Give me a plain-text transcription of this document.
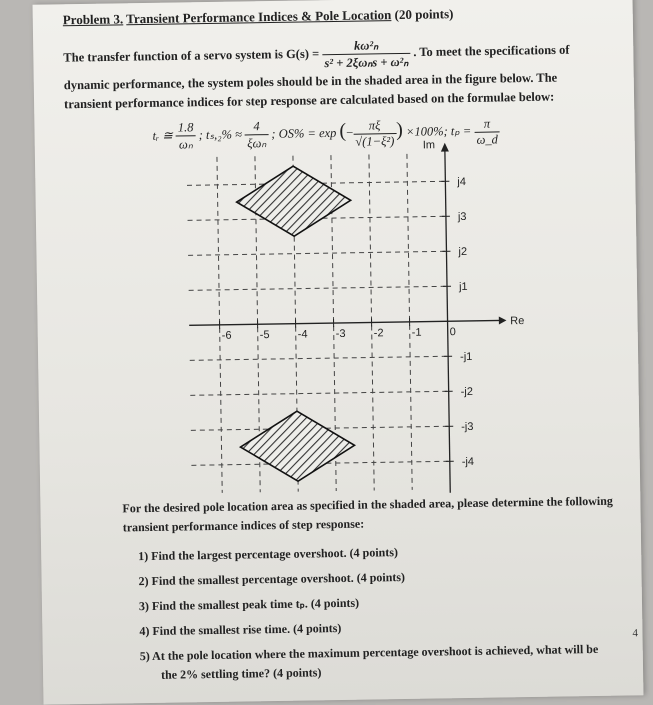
Problem 3. Transient Performance Indices & Pole Location (20 points)
The transfer function of a servo system is $G(s) = \frac{\text{kω²ₙ}}{\text{s² + 2ξωₙs + ω²ₙ}}$ . To meet the specifications of
dynamic performance, the system poles should be in the shaded area in the figure below. The
transient performance indices for step response are calculated based on the formulae below:
tᵣ ≅ $\frac{1.8}{\text{ωₙ}}$ ; $t_s,_2\% \approx \frac{4}{\text{ξωₙ}}$ ; OS% = exp (− $\frac{\pi\xi}{\text{√(1−ξ²)}}$ ) ×100%; $t_p = \frac{\pi}{\omega\_d}$
-6	-5	-4	-3	-2	-1	0
j1
j2
j3
j4
-j1
-j2
-j3
-j4
Im
Re
For the desired pole location area as specified in the shaded area, please determine the following
transient performance indices of step response:
1) Find the largest percentage overshoot. (4 points)
2) Find the smallest percentage overshoot. (4 points)
3) Find the smallest peak time tₚ. (4 points)
4) Find the smallest rise time. (4 points)
5) At the pole location where the maximum percentage overshoot is achieved, what will be
the 2% settling time? (4 points)
4
